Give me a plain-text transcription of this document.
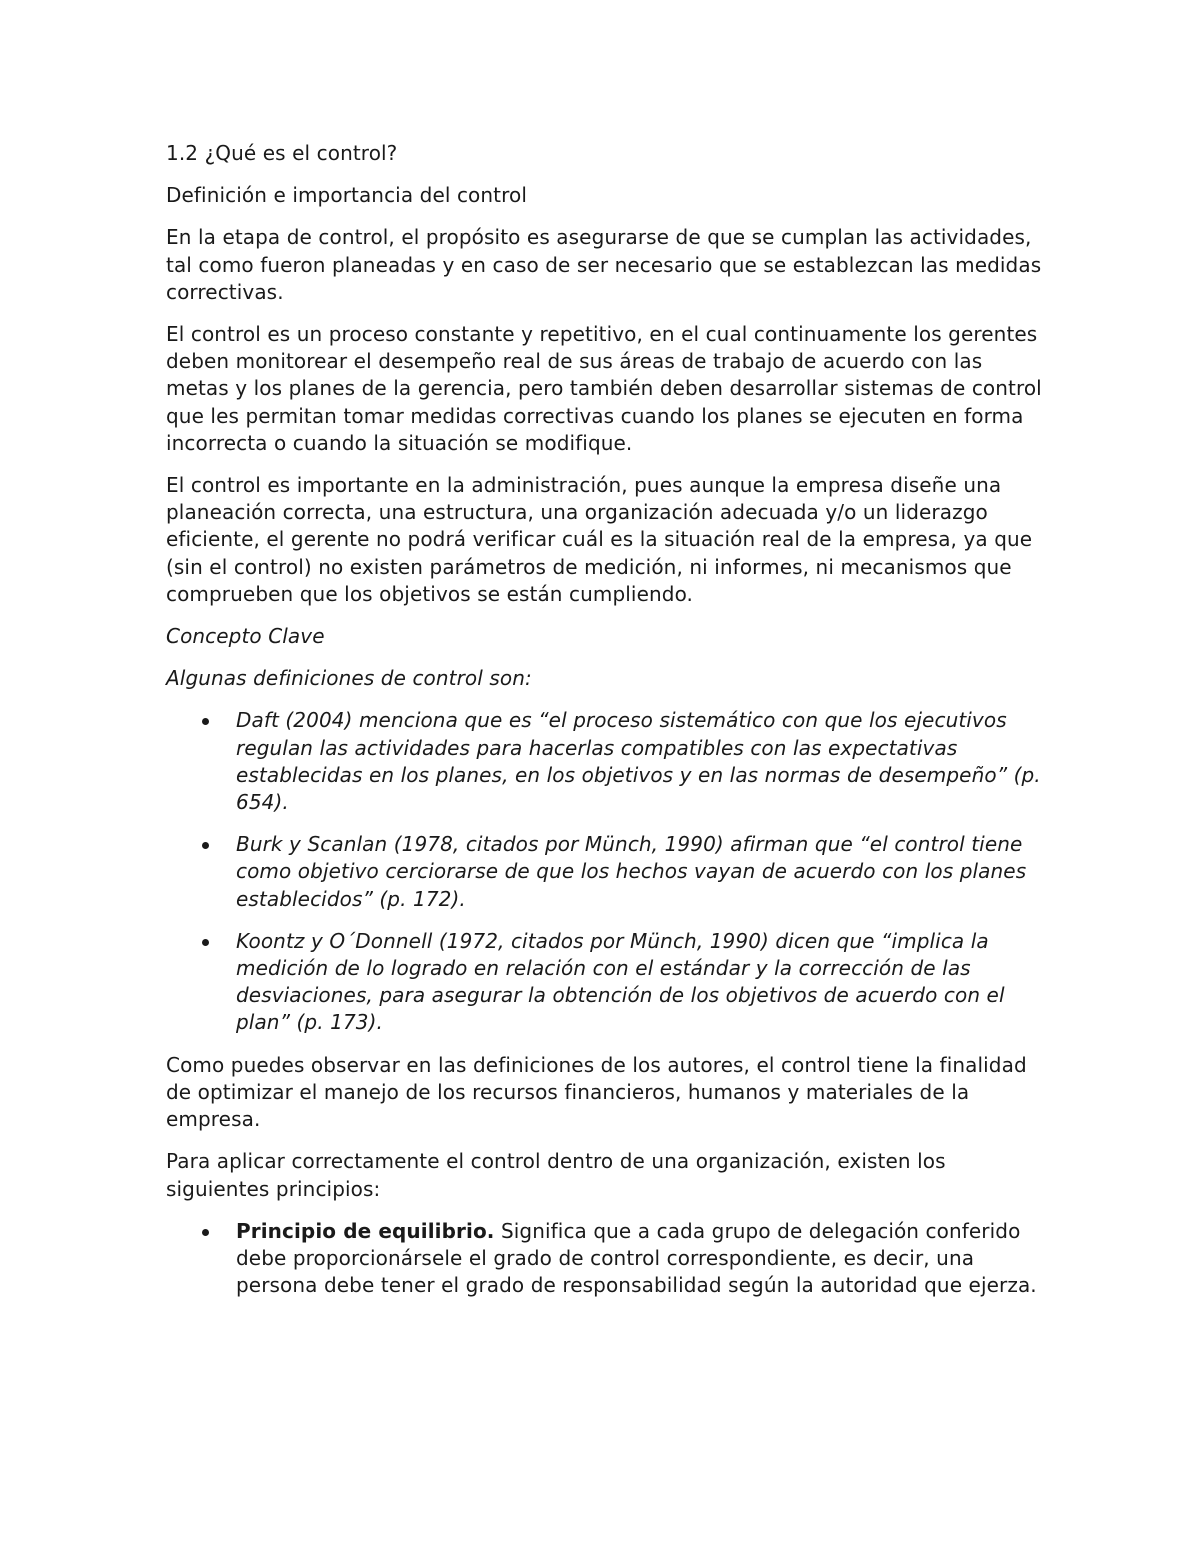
1.2 ¿Qué es el control?

Definición e importancia del control

En la etapa de control, el propósito es asegurarse de que se cumplan las actividades, tal como fueron planeadas y en caso de ser necesario que se establezcan las medidas correctivas.

El control es un proceso constante y repetitivo, en el cual continuamente los gerentes deben monitorear el desempeño real de sus áreas de trabajo de acuerdo con las metas y los planes de la gerencia, pero también deben desarrollar sistemas de control que les permitan tomar medidas correctivas cuando los planes se ejecuten en forma incorrecta o cuando la situación se modifique.

El control es importante en la administración, pues aunque la empresa diseñe una planeación correcta, una estructura, una organización adecuada y/o un liderazgo eficiente, el gerente no podrá verificar cuál es la situación real de la empresa, ya que (sin el control) no existen parámetros de medición, ni informes, ni mecanismos que comprueben que los objetivos se están cumpliendo.

Concepto Clave

Algunas definiciones de control son:

Daft (2004) menciona que es “el proceso sistemático con que los ejecutivos regulan las actividades para hacerlas compatibles con las expectativas establecidas en los planes, en los objetivos y en las normas de desempeño” (p. 654).
Burk y Scanlan (1978, citados por Münch, 1990) afirman que “el control tiene como objetivo cerciorarse de que los hechos vayan de acuerdo con los planes establecidos” (p. 172).
Koontz y O´Donnell (1972, citados por Münch, 1990) dicen que “implica la medición de lo logrado en relación con el estándar y la corrección de las desviaciones, para asegurar la obtención de los objetivos de acuerdo con el plan” (p. 173).

Como puedes observar en las definiciones de los autores, el control tiene la finalidad de optimizar el manejo de los recursos financieros, humanos y materiales de la empresa.

Para aplicar correctamente el control dentro de una organización, existen los siguientes principios:

Principio de equilibrio. Significa que a cada grupo de delegación conferido debe proporcionársele el grado de control correspondiente, es decir, una persona debe tener el grado de responsabilidad según la autoridad que ejerza.
